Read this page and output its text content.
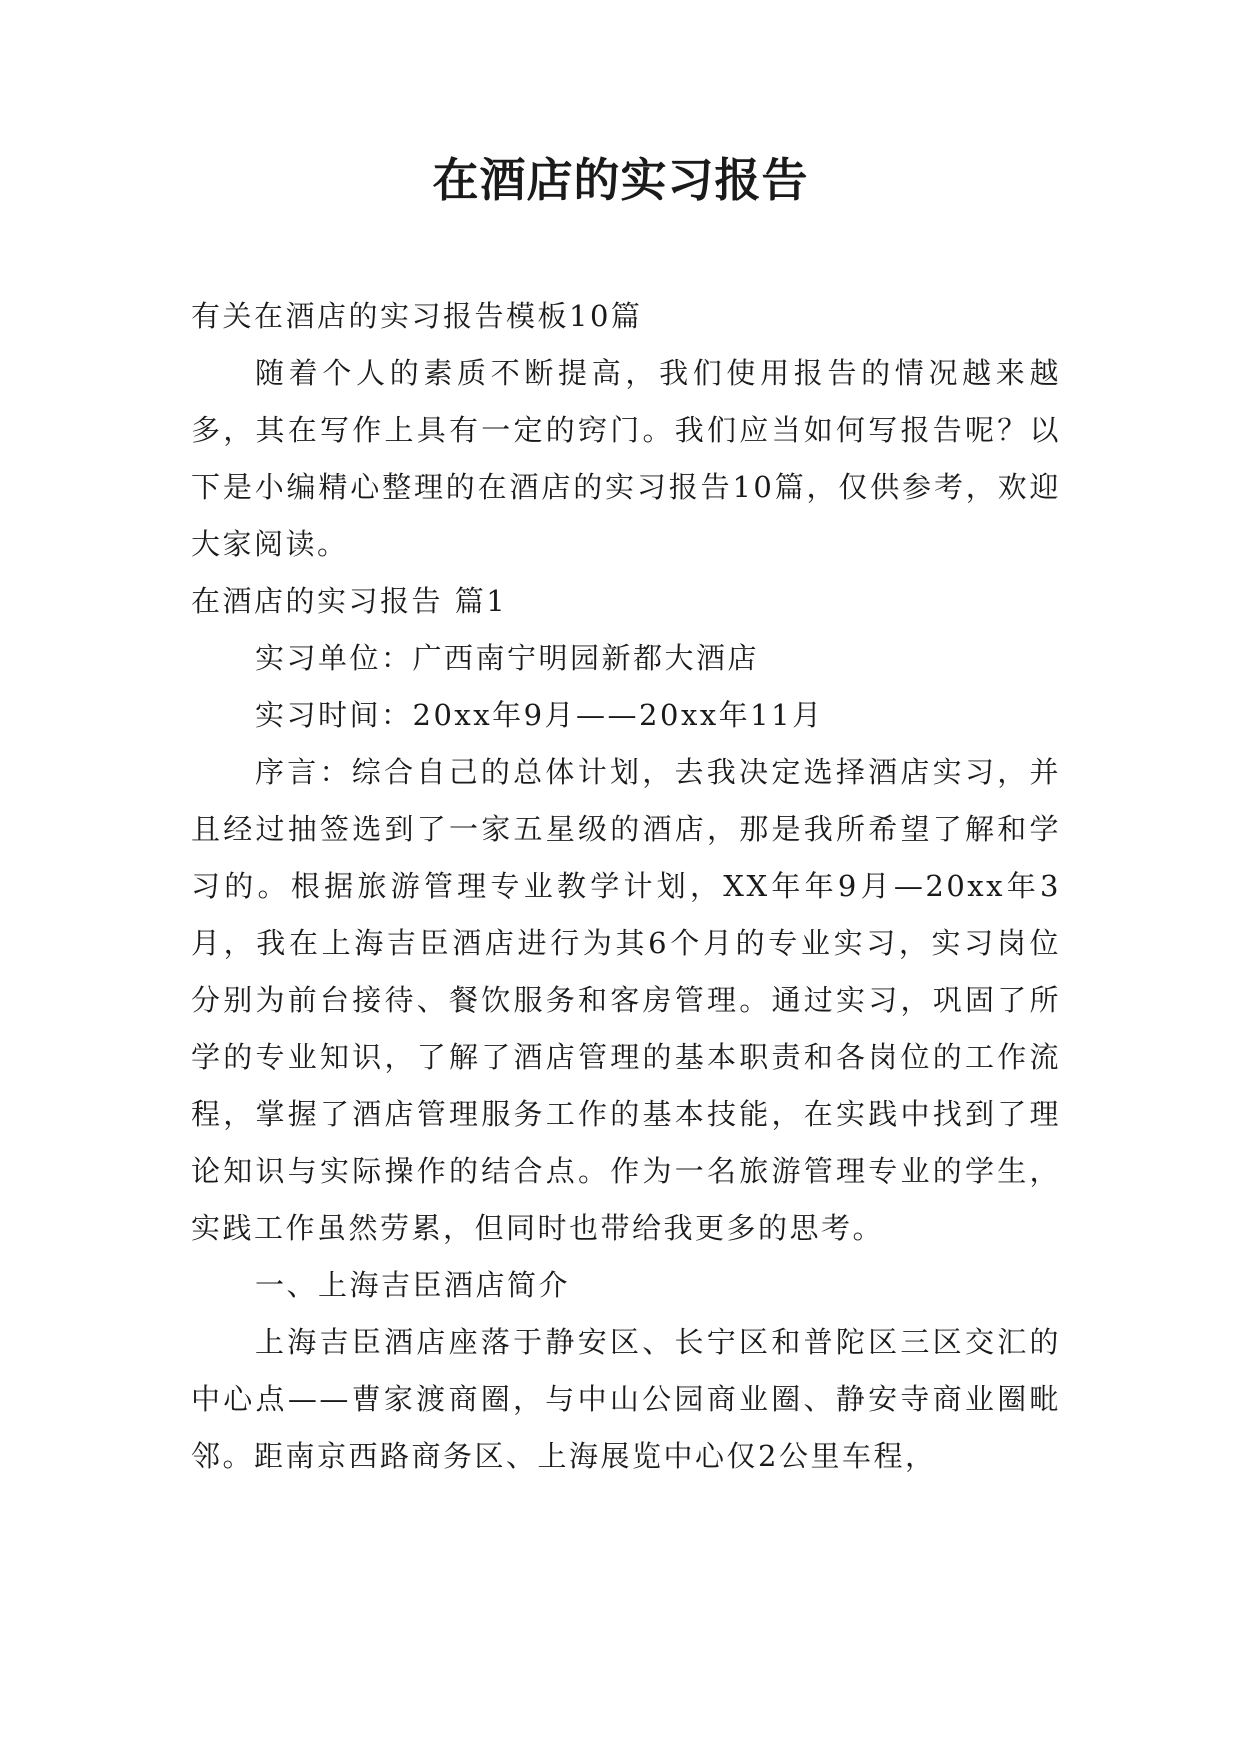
在酒店的实习报告

有关在酒店的实习报告模板10篇

随着个人的素质不断提高，我们使用报告的情况越来越多，其在写作上具有一定的窍门。我们应当如何写报告呢？以下是小编精心整理的在酒店的实习报告10篇，仅供参考，欢迎大家阅读。

在酒店的实习报告 篇1

实习单位：广西南宁明园新都大酒店

实习时间：20xx年9月——20xx年11月

序言：综合自己的总体计划，去我决定选择酒店实习，并且经过抽签选到了一家五星级的酒店，那是我所希望了解和学习的。根据旅游管理专业教学计划，XX年年9月—20xx年3月，我在上海吉臣酒店进行为其6个月的专业实习，实习岗位分别为前台接待、餐饮服务和客房管理。通过实习，巩固了所学的专业知识，了解了酒店管理的基本职责和各岗位的工作流程，掌握了酒店管理服务工作的基本技能，在实践中找到了理论知识与实际操作的结合点。作为一名旅游管理专业的学生，实践工作虽然劳累，但同时也带给我更多的思考。

一、上海吉臣酒店简介

上海吉臣酒店座落于静安区、长宁区和普陀区三区交汇的中心点——曹家渡商圈，与中山公园商业圈、静安寺商业圈毗邻。距南京西路商务区、上海展览中心仅2公里车程，
